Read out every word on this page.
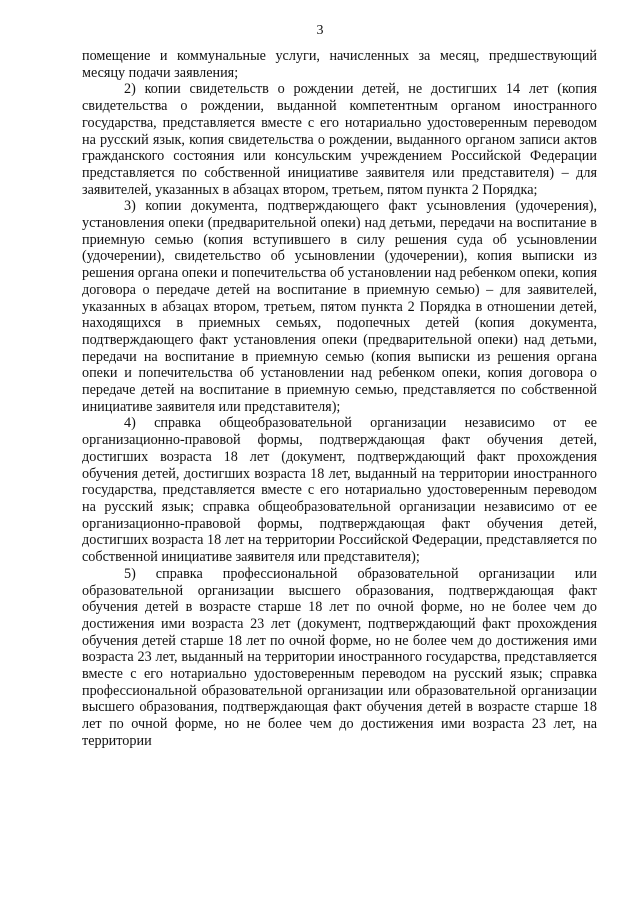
3

помещение и коммунальные услуги, начисленных за месяц, предшествующий месяцу подачи заявления;

2) копии свидетельств о рождении детей, не достигших 14 лет (копия свидетельства о рождении, выданной компетентным органом иностранного государства, представляется вместе с его нотариально удостоверенным переводом на русский язык, копия свидетельства о рождении, выданного органом записи актов гражданского состояния или консульским учреждением Российской Федерации представляется по собственной инициативе заявителя или представителя) – для заявителей, указанных в абзацах втором, третьем, пятом пункта 2 Порядка;

3) копии документа, подтверждающего факт усыновления (удочерения), установления опеки (предварительной опеки) над детьми, передачи на воспитание в приемную семью (копия вступившего в силу решения суда об усыновлении (удочерении), свидетельство об усыновлении (удочерении), копия выписки из решения органа опеки и попечительства об установлении над ребенком опеки, копия договора о передаче детей на воспитание в приемную семью) – для заявителей, указанных в абзацах втором, третьем, пятом пункта 2 Порядка в отношении детей, находящихся в приемных семьях, подопечных детей (копия документа, подтверждающего факт установления опеки (предварительной опеки) над детьми, передачи на воспитание в приемную семью (копия выписки из решения органа опеки и попечительства об установлении над ребенком опеки, копия договора о передаче детей на воспитание в приемную семью, представляется по собственной инициативе заявителя или представителя);

4) справка общеобразовательной организации независимо от ее организационно-правовой формы, подтверждающая факт обучения детей, достигших возраста 18 лет (документ, подтверждающий факт прохождения обучения детей, достигших возраста 18 лет, выданный на территории иностранного государства, представляется вместе с его нотариально удостоверенным переводом на русский язык; справка общеобразовательной организации независимо от ее организационно-правовой формы, подтверждающая факт обучения детей, достигших возраста 18 лет на территории Российской Федерации, представляется по собственной инициативе заявителя или представителя);

5) справка профессиональной образовательной организации или образовательной организации высшего образования, подтверждающая факт обучения детей в возрасте старше 18 лет по очной форме, но не более чем до достижения ими возраста 23 лет (документ, подтверждающий факт прохождения обучения детей старше 18 лет по очной форме, но не более чем до достижения ими возраста 23 лет, выданный на территории иностранного государства, представляется вместе с его нотариально удостоверенным переводом на русский язык; справка профессиональной образовательной организации или образовательной организации высшего образования, подтверждающая факт обучения детей в возрасте старше 18 лет по очной форме, но не более чем до достижения ими возраста 23 лет, на территории
